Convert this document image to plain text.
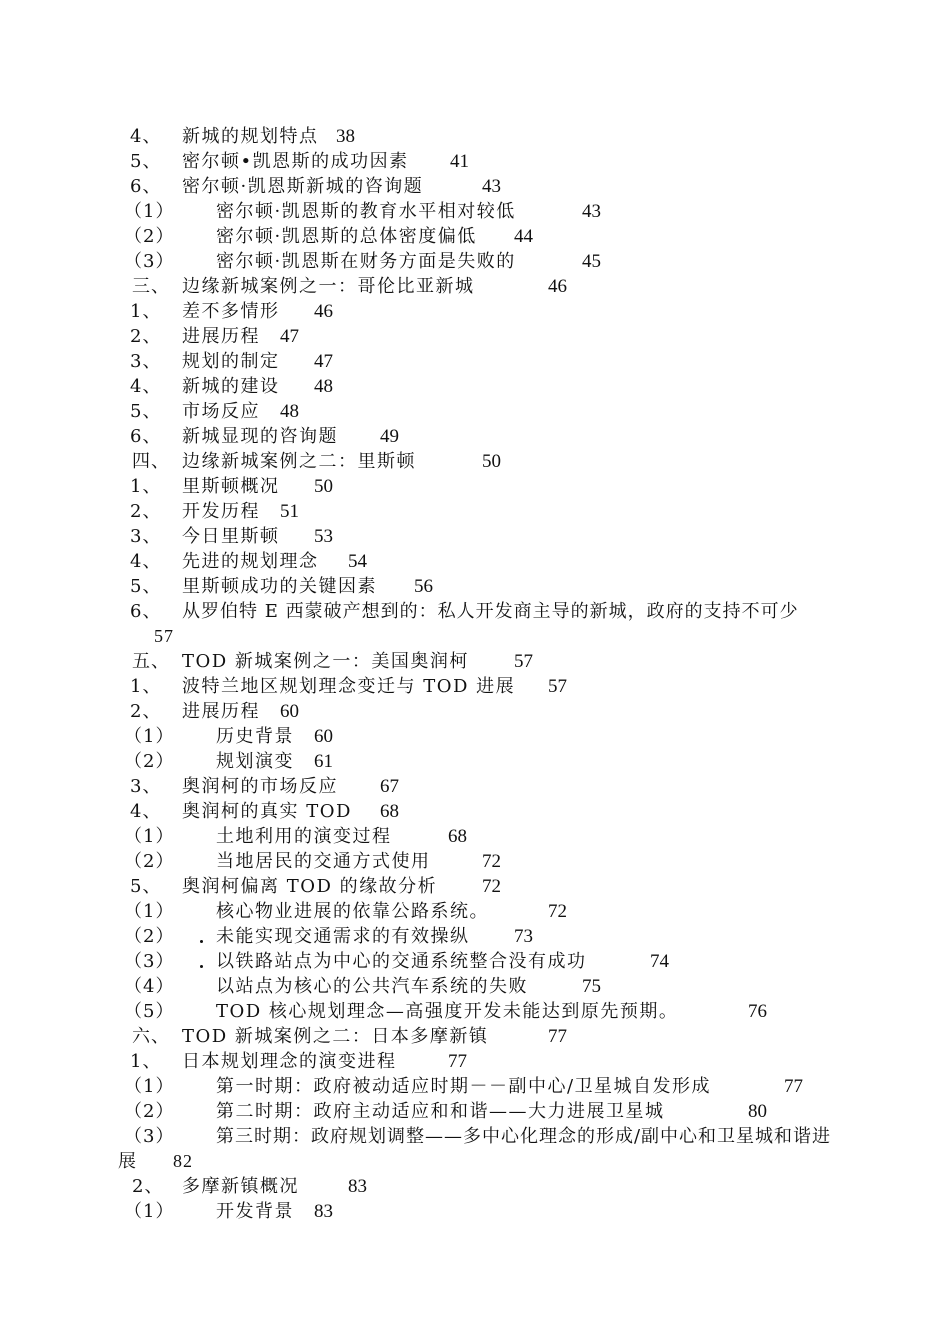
4、 新城的规划特点 38
5、 密尔顿•凯恩斯的成功因素 41
6、 密尔顿·凯恩斯新城的咨询题	43
（1） 密尔顿·凯恩斯的教育水平相对较低	43
（2） 密尔顿·凯恩斯的总体密度偏低 44
（3） 密尔顿·凯恩斯在财务方面是失败的	45
三、 边缘新城案例之一：哥伦比亚新城	46
1、 差不多情形 46
2、 进展历程 47
3、 规划的制定 47
4、 新城的建设 48
5、 市场反应 48
6、 新城显现的咨询题 49
四、 边缘新城案例之二：里斯顿	50
1、 里斯顿概况 50
2、 开发历程 51
3、 今日里斯顿 53
4、 先进的规划理念 54
5、 里斯顿成功的关键因素 56
6、	从罗伯特 E 西蒙破产想到的：私人开发商主导的新城，政府的支持不可少57
五、 TOD 新城案例之一：美国奥润柯 57
1、 波特兰地区规划理念变迁与 TOD 进展 57
2、 进展历程 60
（1） 历史背景 60
（2） 规划演变 61
3、 奥润柯的市场反应 67
4、 奥润柯的真实 TOD 68
（1） 土地利用的演变过程	68
（2） 当地居民的交通方式使用	72
5、 奥润柯偏离 TOD 的缘故分析 72
（1） 核心物业进展的依靠公路系统。	72
（2） 未能实现交通需求的有效操纵 73
（3） 以铁路站点为中心的交通系统整合没有成功	74
（4） 以站点为核心的公共汽车系统的失败	75
（5） TOD 核心规划理念—高强度开发未能达到原先预期。	76
六、 TOD 新城案例之二：日本多摩新镇	77
1、 日本规划理念的演变进程	77
（1） 第一时期：政府被动适应时期－－副中心/卫星城自发形成	77
（2） 第二时期：政府主动适应和和谐——大力进展卫星城	80
（3）	第三时期：政府规划调整——多中心化理念的形成/副中心和卫星城和谐进展 82
2、 多摩新镇概况	83
（1） 开发背景 83
